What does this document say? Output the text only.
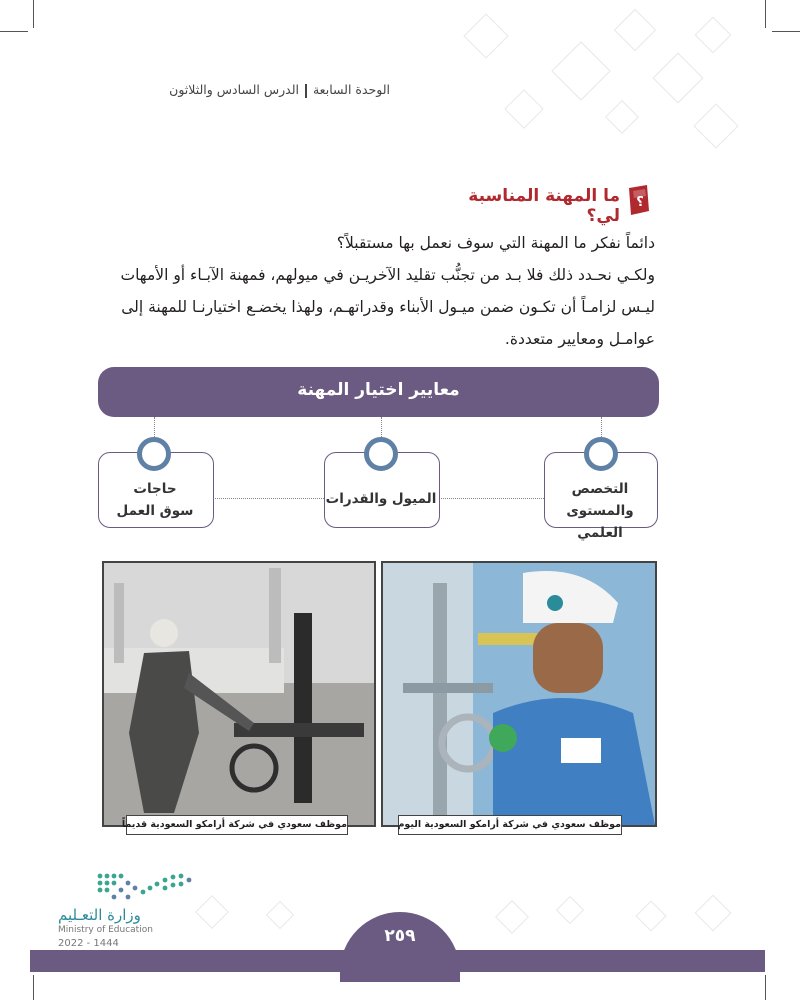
الوحدة السابعةالدرس السادس والثلاثون
؟
ما المهنة المناسبة لي؟
دائماً نفكر ما المهنة التي سوف نعمل بها مستقبلاً؟
ولكـي نحـدد ذلك فلا بـد من تجنُّب تقليد الآخريـن في ميولهم، فمهنة الآبـاء أو الأمهات
ليـس لزامـاً أن تكـون ضمن ميـول الأبناء وقدراتهـم، ولهذا يخضـع اختيارنـا للمهنة إلى
عوامـل ومعايير متعددة.
معايير اختيار المهنة
التخصص
والمستوى العلمي
الميول والقدرات
حاجات
سوق العمل
موظف سعودي في شركة أرامكو السعودية قديماً	موظف سعودي في شركة أرامكو السعودية اليوم
وزارة التعـليم
Ministry of Education
2022 - 1444	٢٥٩
